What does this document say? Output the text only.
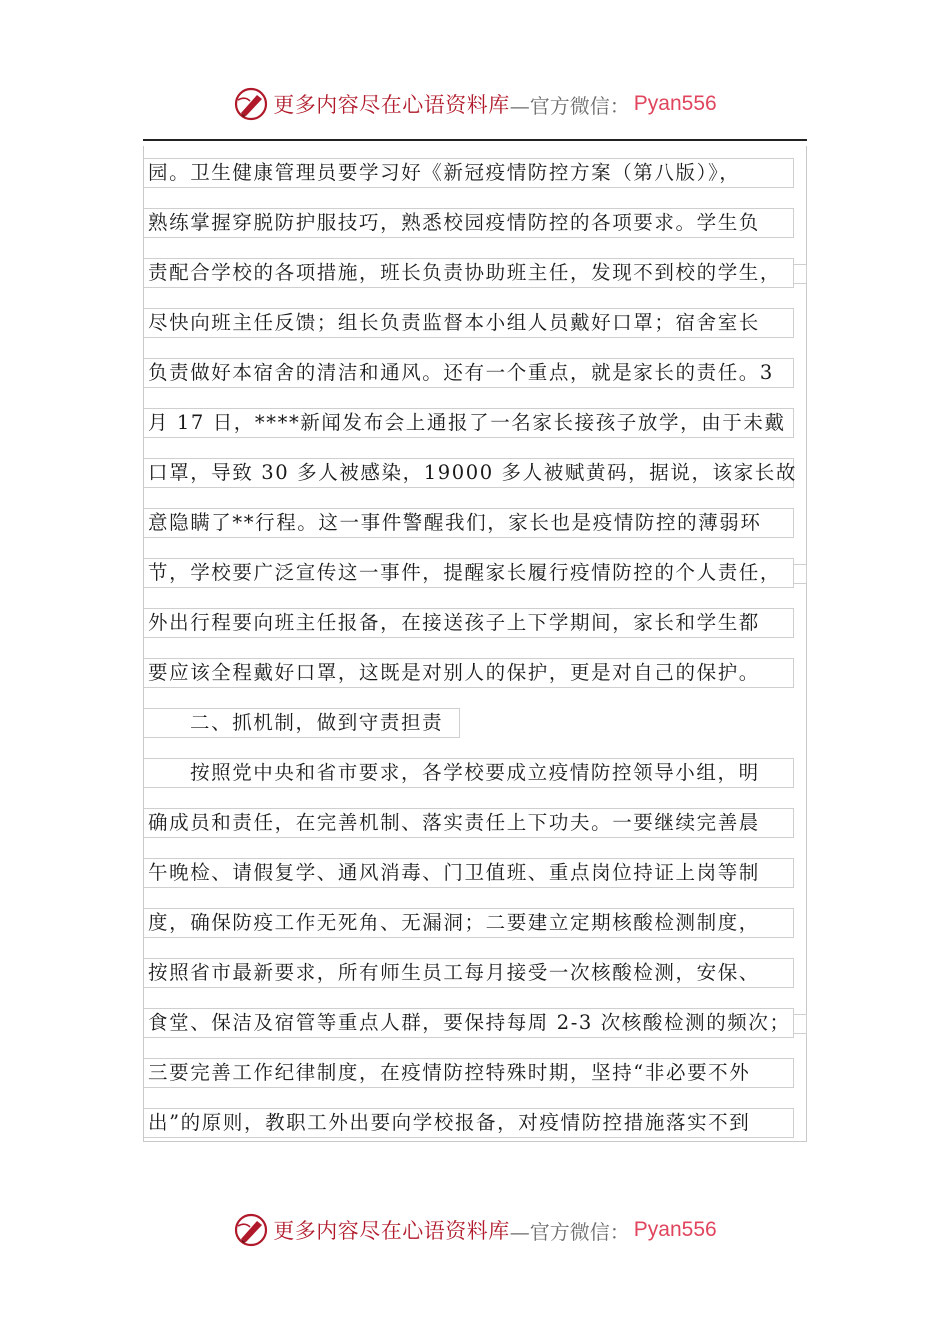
更多内容尽在心语资料库 —官方微信： Pyan556
园。卫生健康管理员要学习好《新冠疫情防控方案（第八版）》，
熟练掌握穿脱防护服技巧，熟悉校园疫情防控的各项要求。学生负
责配合学校的各项措施，班长负责协助班主任，发现不到校的学生，
尽快向班主任反馈；组长负责监督本小组人员戴好口罩；宿舍室长
负责做好本宿舍的清洁和通风。还有一个重点，就是家长的责任。3
月 17 日，****新闻发布会上通报了一名家长接孩子放学，由于未戴
口罩，导致 30 多人被感染，19000 多人被赋黄码，据说，该家长故
意隐瞒了**行程。这一事件警醒我们，家长也是疫情防控的薄弱环
节，学校要广泛宣传这一事件，提醒家长履行疫情防控的个人责任，
外出行程要向班主任报备，在接送孩子上下学期间，家长和学生都
要应该全程戴好口罩，这既是对别人的保护，更是对自己的保护。
二、抓机制，做到守责担责
按照党中央和省市要求，各学校要成立疫情防控领导小组，明
确成员和责任，在完善机制、落实责任上下功夫。一要继续完善晨
午晚检、请假复学、通风消毒、门卫值班、重点岗位持证上岗等制
度，确保防疫工作无死角、无漏洞；二要建立定期核酸检测制度，
按照省市最新要求，所有师生员工每月接受一次核酸检测，安保、
食堂、保洁及宿管等重点人群，要保持每周 2-3 次核酸检测的频次；
三要完善工作纪律制度，在疫情防控特殊时期，坚持“非必要不外
出”的原则，教职工外出要向学校报备，对疫情防控措施落实不到
更多内容尽在心语资料库 —官方微信： Pyan556
